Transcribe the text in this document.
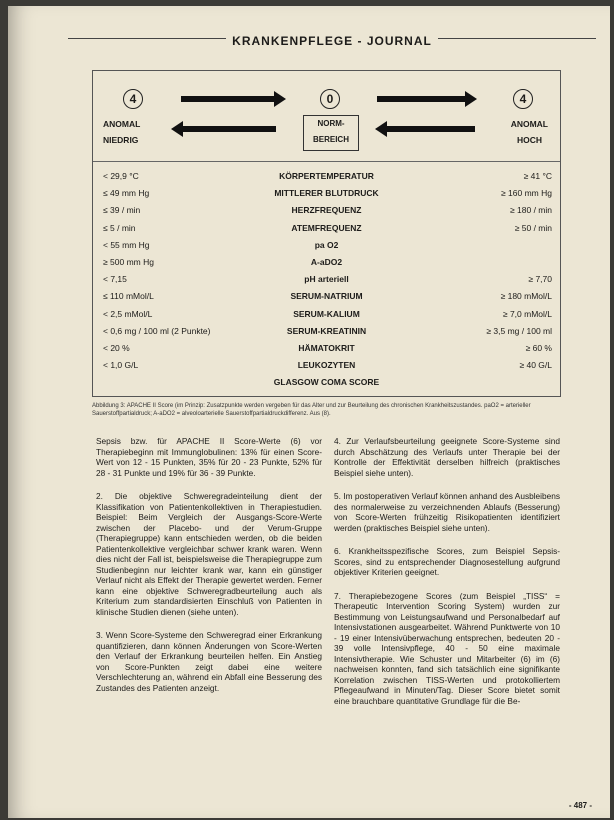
KRANKENPFLEGE - JOURNAL
4	0	4
ANOMAL
NIEDRIG
NORM-
BEREICH
ANOMAL
HOCH
< 29,9 °C	KÖRPERTEMPERATUR	≥ 41 °C
≤ 49 mm Hg	MITTLERER BLUTDRUCK	≥ 160 mm Hg
≤ 39 / min	HERZFREQUENZ	≥ 180 / min
≤ 5 / min	ATEMFREQUENZ	≥ 50 / min
< 55 mm Hg	pa O2
≥ 500 mm Hg	A-aDO2
< 7,15	pH arteriell	≥ 7,70
≤ 110 mMol/L	SERUM-NATRIUM	≥ 180 mMol/L
< 2,5 mMol/L	SERUM-KALIUM	≥ 7,0 mMol/L
< 0,6 mg / 100 ml (2 Punkte)	SERUM-KREATININ	≥ 3,5 mg / 100 ml
< 20 %	HÄMATOKRIT	≥ 60 %
< 1,0 G/L	LEUKOZYTEN	≥ 40 G/L
GLASGOW COMA SCORE
Abbildung 3: APACHE II Score (im Prinzip: Zusatzpunkte werden vergeben für das Alter und zur Beurteilung des chronischen Krankheitszustandes. paO2 = arterieller Sauerstoffpartialdruck; A-aDO2 = alveoloarterielle Sauerstoffpartialdruckdifferenz. Aus (8).

Sepsis bzw. für APACHE II Score-Werte (6) vor Therapiebeginn mit Immunglobulinen: 13% für einen Score-Wert von 12 - 15 Punkten, 35% für 20 - 23 Punkte, 52% für 28 - 31 Punkte und 19% für 36 - 39 Punkte.

2. Die objektive Schweregradeinteilung dient der Klassifikation von Patientenkollektiven in Therapiestudien. Beispiel: Beim Vergleich der Ausgangs-Score-Werte zwischen der Placebo- und der Verum-Gruppe (Therapiegruppe) kann entschieden werden, ob die beiden Patientenkollektive vergleichbar schwer krank waren. Wenn dies nicht der Fall ist, beispielsweise die Therapiegruppe zum Studienbeginn nur leichter krank war, kann ein günstiger Verlauf nicht als Effekt der Therapie gewertet werden. Ferner kann eine objektive Schweregradbeurteilung auch als Kriterium zum standardisierten Einschluß von Patienten in klinische Studien dienen (siehe unten).

3. Wenn Score-Systeme den Schweregrad einer Erkrankung quantifizieren, dann können Änderungen von Score-Werten den Verlauf der Erkrankung beurteilen helfen. Ein Anstieg von Score-Punkten zeigt dabei eine weitere Verschlechterung an, während ein Abfall eine Besserung des Zustandes des Patienten anzeigt.

4. Zur Verlaufsbeurteilung geeignete Score-Systeme sind durch Abschätzung des Verlaufs unter Therapie bei der Kontrolle der Effektivität derselben hilfreich (praktisches Beispiel siehe unten).

5. Im postoperativen Verlauf können anhand des Ausbleibens des normalerweise zu verzeichnenden Ablaufs (Besserung) von Score-Werten frühzeitig Risikopatienten identifiziert werden (praktisches Beispiel siehe unten).

6. Krankheitsspezifische Scores, zum Beispiel Sepsis-Scores, sind zu entsprechender Diagnosestellung aufgrund objektiver Kriterien geeignet.

7. Therapiebezogene Scores (zum Beispiel „TISS“ = Therapeutic Intervention Scoring System) wurden zur Bestimmung von Leistungsaufwand und Personalbedarf auf Intensivstationen ausgearbeitet. Während Punktwerte von 10 - 19 einer Intensivüberwachung entsprechen, bedeuten 20 - 39 volle Intensivpflege, 40 - 50 eine maximale Intensivtherapie. Wie Schuster und Mitarbeiter (6) im (6) nachweisen konnten, fand sich tatsächlich eine signifikante Korrelation zwischen TISS-Werten und protokolliertem Pflegeaufwand in Minuten/Tag. Dieser Score bietet somit eine brauchbare quantitative Grundlage für die Be-

- 487 -
